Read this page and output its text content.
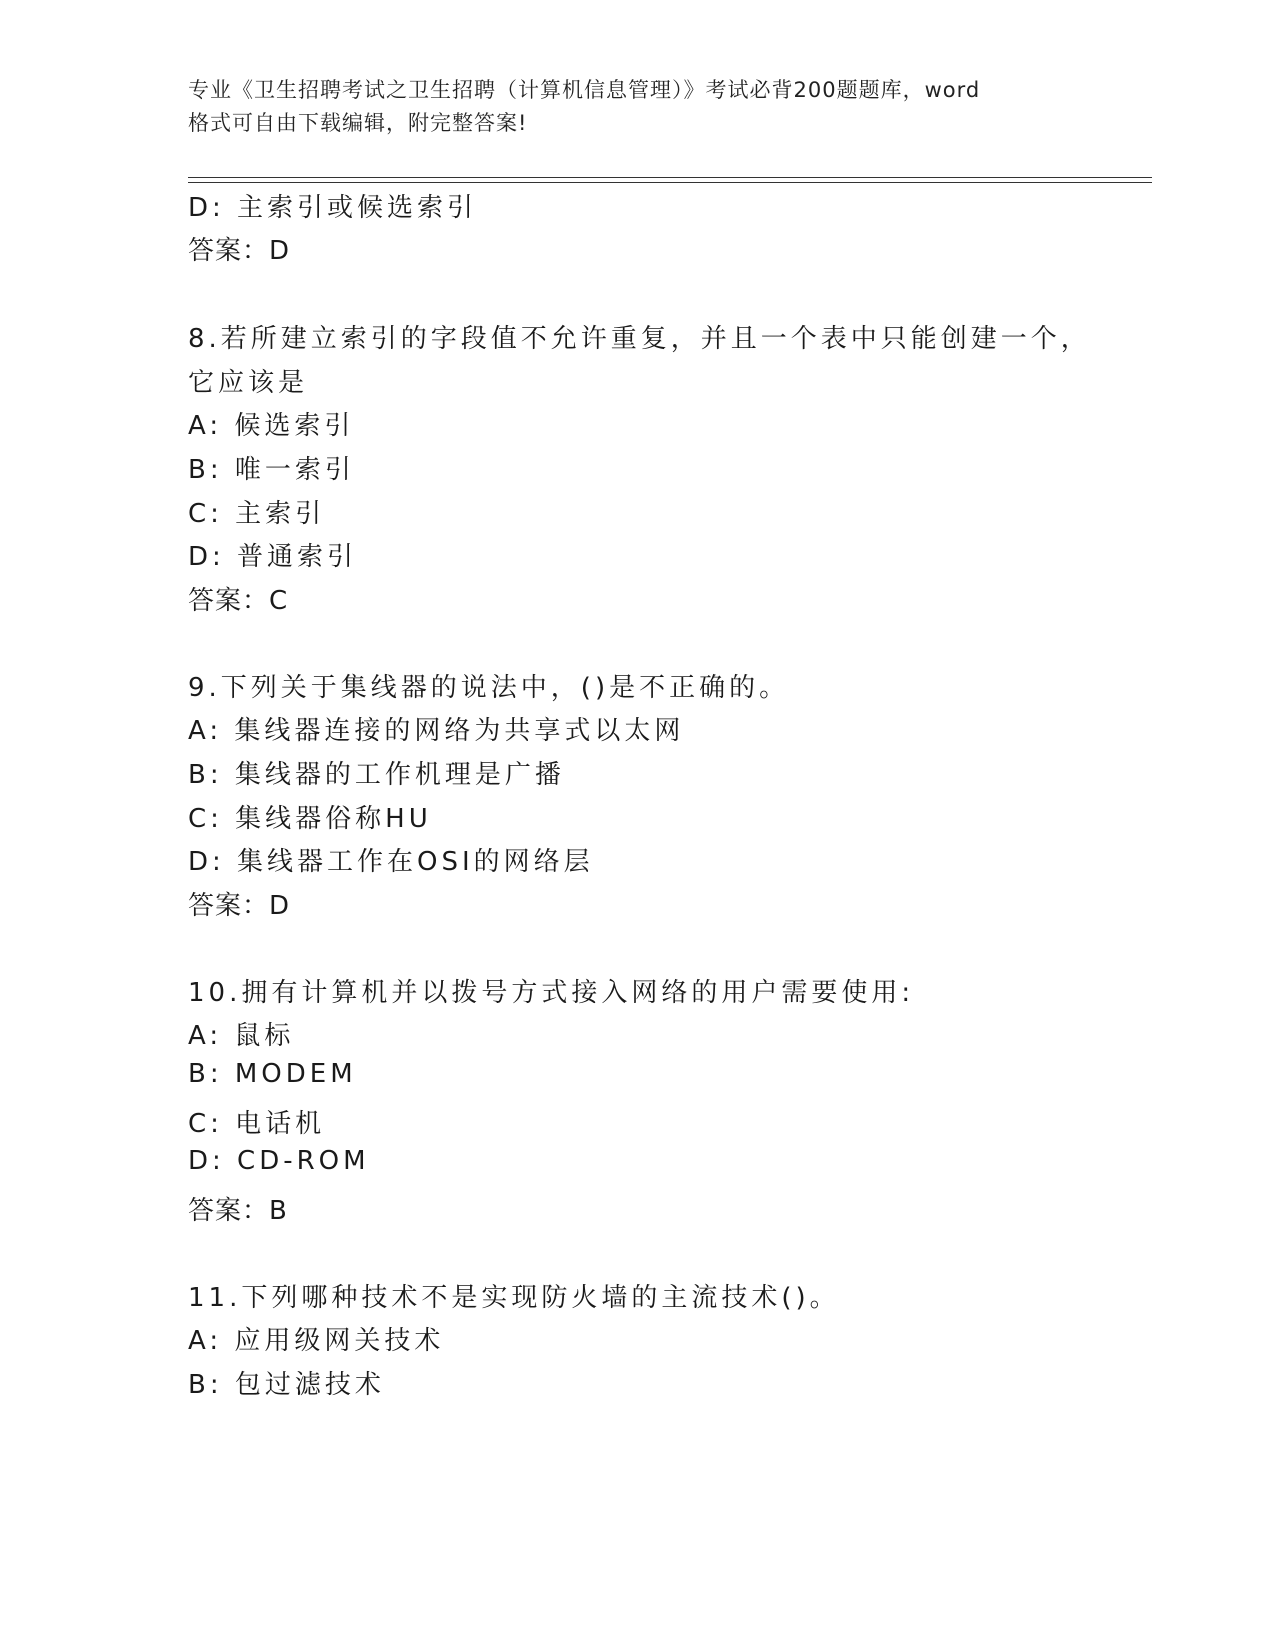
专业《卫生招聘考试之卫生招聘（计算机信息管理）》考试必背200题题库，word
格式可自由下载编辑，附完整答案!
D: 主索引或候选索引
答案：D
8.若所建立索引的字段值不允许重复，并且一个表中只能创建一个，
它应该是
A: 候选索引
B: 唯一索引
C: 主索引
D: 普通索引
答案：C
9.下列关于集线器的说法中，()是不正确的。
A: 集线器连接的网络为共享式以太网
B: 集线器的工作机理是广播
C: 集线器俗称HU
D: 集线器工作在OSI的网络层
答案：D
10.拥有计算机并以拨号方式接入网络的用户需要使用:
A: 鼠标
B: MODEM
C: 电话机
D: CD-ROM
答案：B
11.下列哪种技术不是实现防火墙的主流技术()。
A: 应用级网关技术
B: 包过滤技术
